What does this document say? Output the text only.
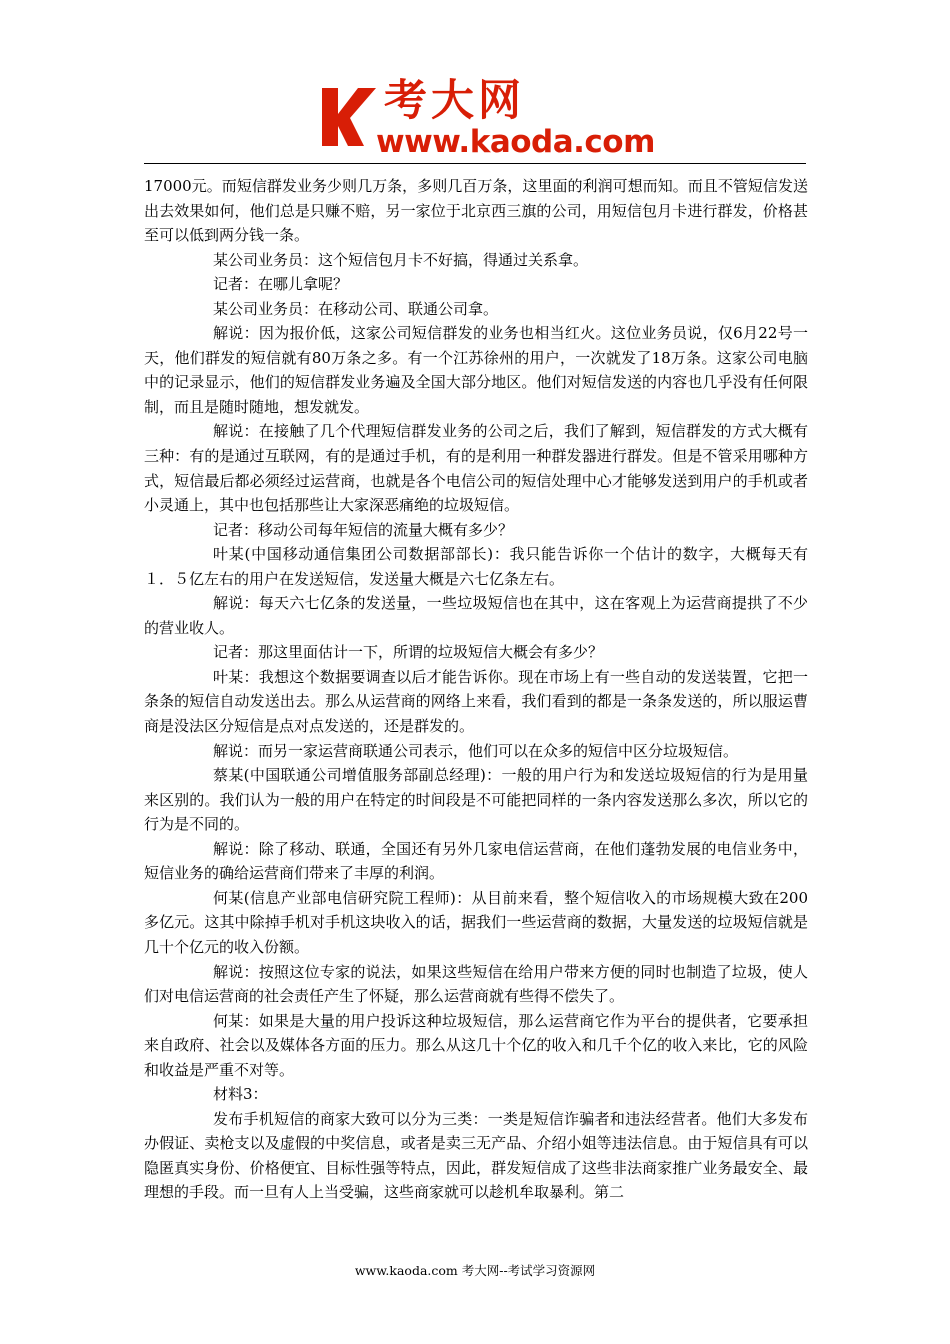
考大网
www.kaoda.com

17000元。而短信群发业务少则几万条，多则几百万条，这里面的利润可想而知。而且不管短信发送出去效果如何，他们总是只赚不赔，另一家位于北京西三旗的公司，用短信包月卡进行群发，价格甚至可以低到两分钱一条。

某公司业务员：这个短信包月卡不好搞，得通过关系拿。

记者：在哪儿拿呢？

某公司业务员：在移动公司、联通公司拿。

解说：因为报价低，这家公司短信群发的业务也相当红火。这位业务员说，仅6月22号一天，他们群发的短信就有80万条之多。有一个江苏徐州的用户，一次就发了18万条。这家公司电脑中的记录显示，他们的短信群发业务遍及全国大部分地区。他们对短信发送的内容也几乎没有任何限制，而且是随时随地，想发就发。

解说：在接触了几个代理短信群发业务的公司之后，我们了解到，短信群发的方式大概有三种：有的是通过互联网，有的是通过手机，有的是利用一种群发器进行群发。但是不管采用哪种方式，短信最后都必须经过运营商，也就是各个电信公司的短信处理中心才能够发送到用户的手机或者小灵通上，其中也包括那些让大家深恶痛绝的垃圾短信。

记者：移动公司每年短信的流量大概有多少？

叶某(中国移动通信集团公司数据部部长)：我只能告诉你一个估计的数字，大概每天有１．５亿左右的用户在发送短信，发送量大概是六七亿条左右。

解说：每天六七亿条的发送量，一些垃圾短信也在其中，这在客观上为运营商提拱了不少的营业收人。

记者：那这里面估计一下，所谓的垃圾短信大概会有多少？

叶某：我想这个数据要调查以后才能告诉你。现在市场上有一些自动的发送装置，它把一条条的短信自动发送出去。那么从运营商的网络上来看，我们看到的都是一条条发送的，所以服运曹商是没法区分短信是点对点发送的，还是群发的。

解说：而另一家运营商联通公司表示，他们可以在众多的短信中区分垃圾短信。

蔡某(中国联通公司增值服务部副总经理)：一般的用户行为和发送垃圾短信的行为是用量来区别的。我们认为一般的用户在特定的时间段是不可能把同样的一条内容发送那么多次，所以它的行为是不同的。

解说：除了移动、联通，全国还有另外几家电信运营商，在他们蓬勃发展的电信业务中，短信业务的确给运营商们带来了丰厚的利润。

何某(信息产业部电信研究院工程师)：从目前来看，整个短信收入的市场规模大致在200多亿元。这其中除掉手机对手机这块收入的话，据我们一些运营商的数据，大量发送的垃圾短信就是几十个亿元的收入份额。

解说：按照这位专家的说法，如果这些短信在给用户带来方便的同时也制造了垃圾，使人们对电信运营商的社会责任产生了怀疑，那么运营商就有些得不偿失了。

何某：如果是大量的用户投诉这种垃圾短信，那么运营商它作为平台的提供者，它要承担来自政府、社会以及媒体各方面的压力。那么从这几十个亿的收入和几千个亿的收入来比，它的风险和收益是严重不对等。

材料3：

发布手机短信的商家大致可以分为三类：一类是短信诈骗者和违法经营者。他们大多发布办假证、卖枪支以及虚假的中奖信息，或者是卖三无产品、介绍小姐等违法信息。由于短信具有可以隐匿真实身份、价格便宜、目标性强等特点，因此，群发短信成了这些非法商家推广业务最安全、最理想的手段。而一旦有人上当受骗，这些商家就可以趁机牟取暴利。第二

www.kaoda.com 考大网--考试学习资源网
